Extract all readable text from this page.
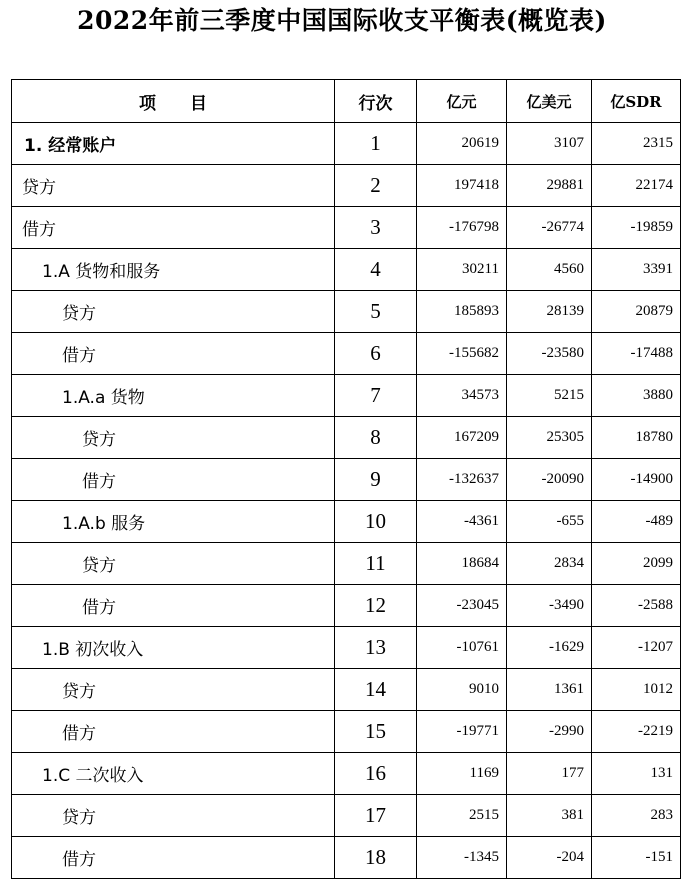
2022年前三季度中国国际收支平衡表(概览表)
项　　目	行次	亿元	亿美元	亿SDR
1. 经常账户	1	20619	3107	2315
贷方	2	197418	29881	22174
借方	3	-176798	-26774	-19859
1.A 货物和服务	4	30211	4560	3391
贷方	5	185893	28139	20879
借方	6	-155682	-23580	-17488
1.A.a 货物	7	34573	5215	3880
贷方	8	167209	25305	18780
借方	9	-132637	-20090	-14900
1.A.b 服务	10	-4361	-655	-489
贷方	11	18684	2834	2099
借方	12	-23045	-3490	-2588
1.B 初次收入	13	-10761	-1629	-1207
贷方	14	9010	1361	1012
借方	15	-19771	-2990	-2219
1.C 二次收入	16	1169	177	131
贷方	17	2515	381	283
借方	18	-1345	-204	-151
